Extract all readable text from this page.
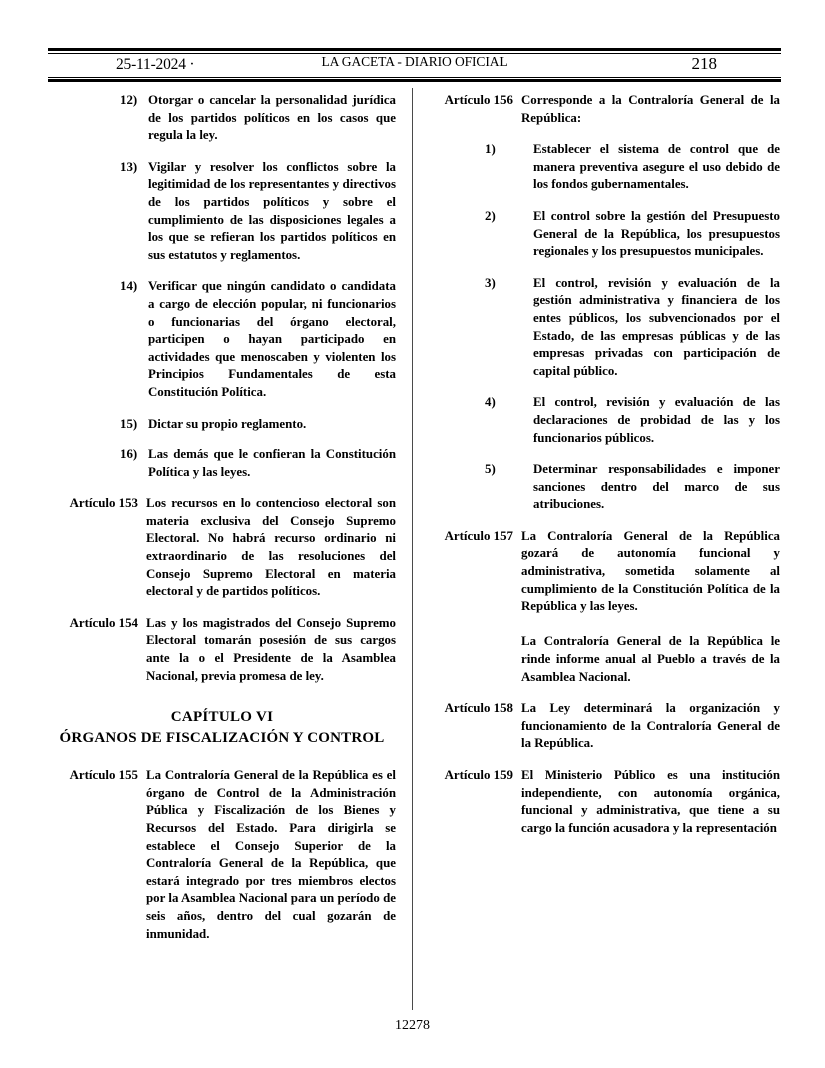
25-11-2024 ·	LA GACETA - DIARIO OFICIAL	218
12) Otorgar o cancelar la personalidad jurídica de los partidos políticos en los casos que regula la ley.
13) Vigilar y resolver los conflictos sobre la legitimidad de los representantes y directivos de los partidos políticos y sobre el cumplimiento de las disposiciones legales a los que se refieran los partidos políticos en sus estatutos y reglamentos.
14) Verificar que ningún candidato o candidata a cargo de elección popular, ni funcionarios o funcionarias del órgano electoral, participen o hayan participado en actividades que menoscaben y violenten los Principios Fundamentales de esta Constitución Política.
15) Dictar su propio reglamento.
16) Las demás que le confieran la Constitución Política y las leyes.
Artículo 153 Los recursos en lo contencioso electoral son materia exclusiva del Consejo Supremo Electoral. No habrá recurso ordinario ni extraordinario de las resoluciones del Consejo Supremo Electoral en materia electoral y de partidos políticos.

Artículo 154 Las y los magistrados del Consejo Supremo Electoral tomarán posesión de sus cargos ante la o el Presidente de la Asamblea Nacional, previa promesa de ley.

CAPÍTULO VI
ÓRGANOS DE FISCALIZACIÓN Y CONTROL
Artículo 155 La Contraloría General de la República es el órgano de Control de la Administración Pública y Fiscalización de los Bienes y Recursos del Estado. Para dirigirla se establece el Consejo Superior de la Contraloría General de la República, que estará integrado por tres miembros electos por la Asamblea Nacional para un período de seis años, dentro del cual gozarán de inmunidad.

Artículo 156 Corresponde a la Contraloría General de la República:

1)	Establecer el sistema de control que de manera preventiva asegure el uso debido de los fondos gubernamentales.
2)	El control sobre la gestión del Presupuesto General de la República, los presupuestos regionales y los presupuestos municipales.
3)	El control, revisión y evaluación de la gestión administrativa y financiera de los entes públicos, los subvencionados por el Estado, de las empresas públicas y de las empresas privadas con participación de capital público.
4)	El control, revisión y evaluación de las declaraciones de probidad de las y los funcionarios públicos.
5)	Determinar responsabilidades e imponer sanciones dentro del marco de sus atribuciones.
Artículo 157 La Contraloría General de la República gozará de autonomía funcional y administrativa, sometida solamente al cumplimiento de la Constitución Política de la República y las leyes.

La Contraloría General de la República le rinde informe anual al Pueblo a través de la Asamblea Nacional.

Artículo 158 La Ley determinará la organización y funcionamiento de la Contraloría General de la República.

Artículo 159 El Ministerio Público es una institución independiente, con autonomía orgánica, funcional y administrativa, que tiene a su cargo la función acusadora y la representación

12278
